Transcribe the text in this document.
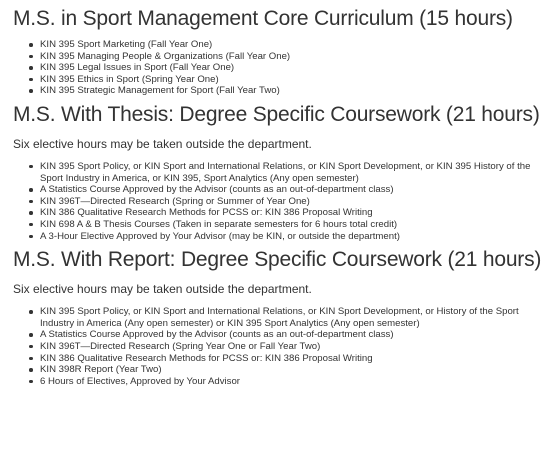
M.S. in Sport Management Core Curriculum (15 hours)
KIN 395 Sport Marketing (Fall Year One)
KIN 395 Managing People & Organizations (Fall Year One)
KIN 395 Legal Issues in Sport (Fall Year One)
KIN 395 Ethics in Sport (Spring Year One)
KIN 395 Strategic Management for Sport (Fall Year Two)
M.S. With Thesis: Degree Specific Coursework (21 hours)

Six elective hours may be taken outside the department.

KIN 395 Sport Policy, or KIN Sport and International Relations, or KIN Sport Development, or KIN 395 History of the Sport Industry in America, or KIN 395, Sport Analytics (Any open semester)
A Statistics Course Approved by the Advisor (counts as an out-of-department class)
KIN 396T—Directed Research (Spring or Summer of Year One)
KIN 386 Qualitative Research Methods for PCSS or: KIN 386 Proposal Writing
KIN 698 A & B Thesis Courses (Taken in separate semesters for 6 hours total credit)
A 3-Hour Elective Approved by Your Advisor (may be KIN, or outside the department)
M.S. With Report: Degree Specific Coursework (21 hours)

Six elective hours may be taken outside the department.

KIN 395 Sport Policy, or KIN Sport and International Relations, or KIN Sport Development, or History of the Sport Industry in America (Any open semester) or KIN 395 Sport Analytics (Any open semester)
A Statistics Course Approved by the Advisor (counts as an out-of-department class)
KIN 396T—Directed Research (Spring Year One or Fall Year Two)
KIN 386 Qualitative Research Methods for PCSS or: KIN 386 Proposal Writing
KIN 398R Report (Year Two)
6 Hours of Electives, Approved by Your Advisor
